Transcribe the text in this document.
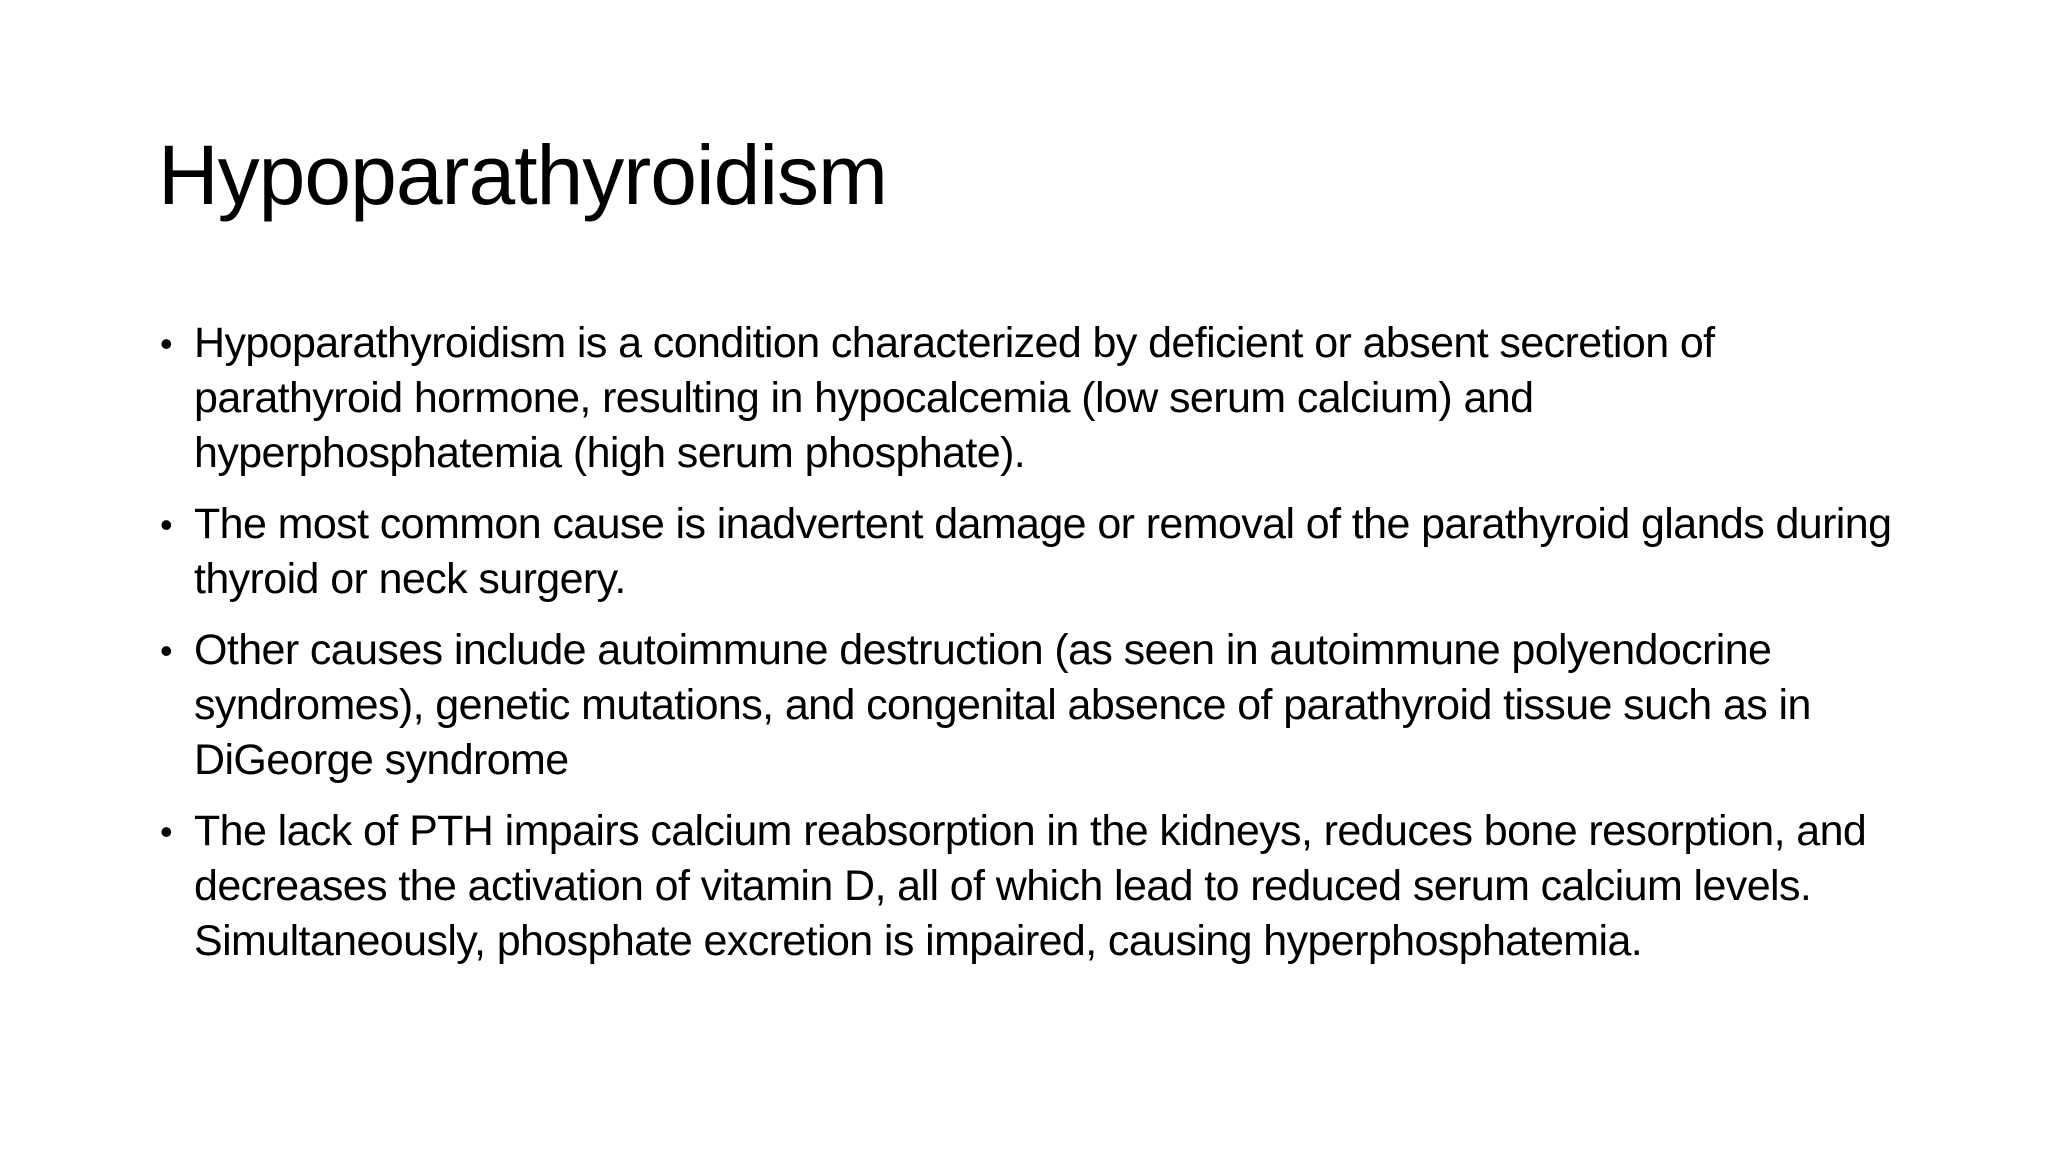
Hypoparathyroidism
• Hypoparathyroidism is a condition characterized by deficient or absent secretion of parathyroid hormone, resulting in hypocalcemia (low serum calcium) and hyperphosphatemia (high serum phosphate).
• The most common cause is inadvertent damage or removal of the parathyroid glands during thyroid or neck surgery.
• Other causes include autoimmune destruction (as seen in autoimmune polyendocrine syndromes), genetic mutations, and congenital absence of parathyroid tissue such as in DiGeorge syndrome
• The lack of PTH impairs calcium reabsorption in the kidneys, reduces bone resorption, and decreases the activation of vitamin D, all of which lead to reduced serum calcium levels. Simultaneously, phosphate excretion is impaired, causing hyperphosphatemia.
